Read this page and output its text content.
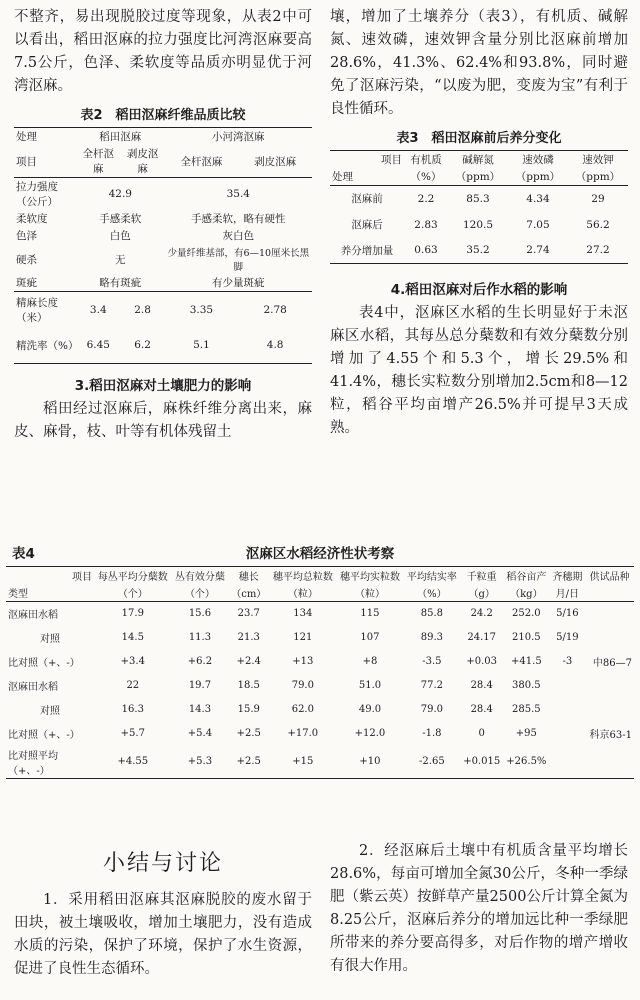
不整齐，易出现脱胶过度等现象，从表2中可以看出，稻田沤麻的拉力强度比河湾沤麻要高7.5公斤，色泽、柔软度等品质亦明显优于河湾沤麻。

表2　稻田沤麻纤维品质比较
处理	稻田沤麻		小河湾沤麻	
项目	全杆沤麻	剥皮沤麻	全杆沤麻	剥皮沤麻
拉力强度（公斤）	42.9		35.4	
柔软度	手感柔软		手感柔软，略有硬性	
色泽	白色		灰白色	
硬杀	无		少量纤维基部，有6—10厘米长黑脚	
斑疵	略有斑疵		有少量斑疵	
精麻长度（米）	3.4	2.8	3.35	2.78
精洗率（%）	6.45	6.2	5.1	4.8
3.稻田沤麻对土壤肥力的影响

稻田经过沤麻后，麻株纤维分离出来，麻皮、麻骨，枝、叶等有机体残留土

壤，增加了土壤养分（表3），有机质、碱解氮、速效磷，速效钾含量分别比沤麻前增加28.6%，41.3%、62.4%和93.8%，同时避免了沤麻污染，“以废为肥，变废为宝”有利于良性循环。

表3　稻田沤麻前后养分变化
项目	有机质	碱解氮	速效磷	速效钾
处理	（%）	（ppm）	（ppm）	（ppm）
沤麻前	2.2	85.3	4.34	29
沤麻后	2.83	120.5	7.05	56.2
养分增加量	0.63	35.2	2.74	27.2
4.稻田沤麻对后作水稻的影响

表4中，沤麻区水稻的生长明显好于未沤麻区水稻，其每丛总分蘖数和有效分蘖数分别增加了4.55个和5.3个，增长29.5%和41.4%，穗长实粒数分别增加2.5cm和8—12粒，稻谷平均亩增产26.5%并可提早3天成熟。

表4	沤麻区水稻经济性状考察
项目	每丛平均分蘖数	丛有效分蘖	穗长	穗平均总粒数	穗平均实粒数	平均结实率	千粒重	稻谷亩产	齐穗期	供试品种
类型	（个）	（个）	（cm）	（粒）	（粒）	（%）	（g）	（kg）	月/日	
沤麻田水稻	17.9	15.6	23.7	134	115	85.8	24.2	252.0	5/16	
对照	14.5	11.3	21.3	121	107	89.3	24.17	210.5	5/19	
比对照（+、-）	+3.4	+6.2	+2.4	+13	+8	-3.5	+0.03	+41.5	-3	中86—7
沤麻田水稻	22	19.7	18.5	79.0	51.0	77.2	28.4	380.5		
对照	16.3	14.3	15.9	62.0	49.0	79.0	28.4	285.5		
比对照（+、-）	+5.7	+5.4	+2.5	+17.0	+12.0	-1.8	0	+95		科京63-1
比对照平均（+、-）	+4.55	+5.3	+2.5	+15	+10	-2.65	+0.015	+26.5%		
小结与讨论

1．采用稻田沤麻其沤麻脱胶的废水留于田块，被土壤吸收，增加土壤肥力，没有造成水质的污染，保护了环境，保护了水生资源，促进了良性生态循环。

2．经沤麻后土壤中有机质含量平均增长28.6%，每亩可增加全氮30公斤，冬种一季绿肥（紫云英）按鲜草产量2500公斤计算全氮为8.25公斤，沤麻后养分的增加远比种一季绿肥所带来的养分要高得多，对后作物的增产增收有很大作用。
